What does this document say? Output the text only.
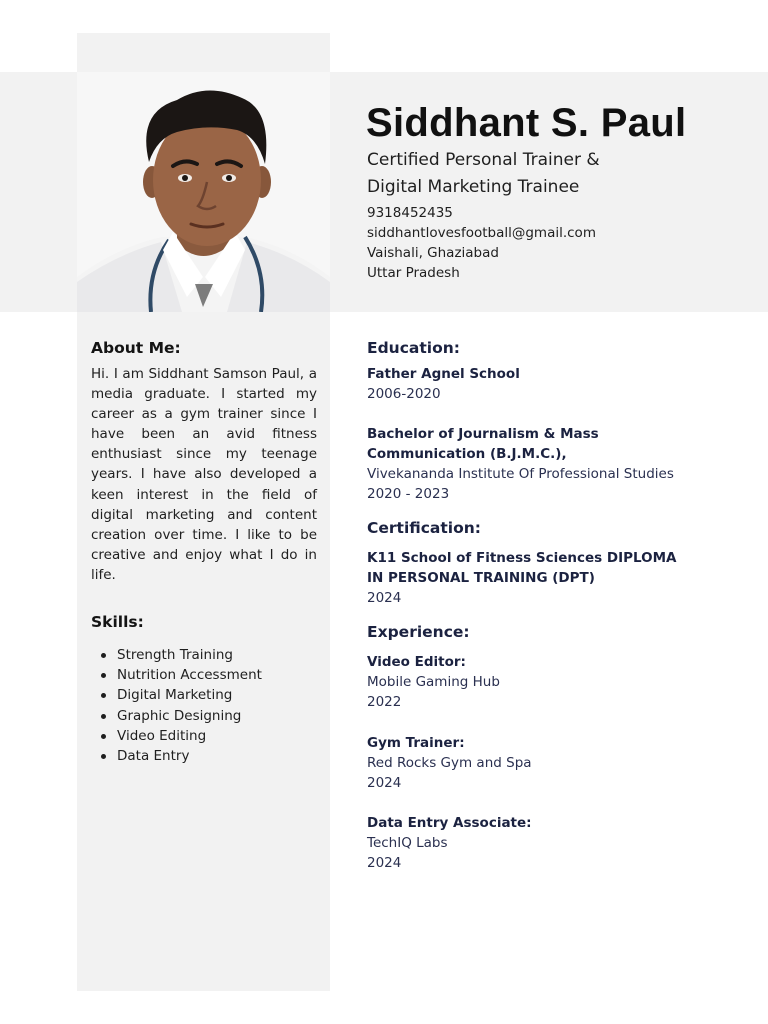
Siddhant S. Paul
Certified Personal Trainer &
Digital Marketing Trainee
9318452435
siddhantlovesfootball@gmail.com
Vaishali, Ghaziabad
Uttar Pradesh
About Me:
Hi. I am Siddhant Samson Paul, a media graduate. I started my career as a gym trainer since I have been an avid fitness enthusiast since my teenage years. I have also developed a keen interest in the field of digital marketing and content creation over time. I like to be creative and enjoy what I do in life.
Skills:
Strength Training
Nutrition Accessment
Digital Marketing
Graphic Designing
Video Editing
Data Entry
Education:
Father Agnel School
2006-2020
Bachelor of Journalism & Mass Communication (B.J.M.C.),
Vivekananda Institute Of Professional Studies
2020 - 2023
Certification:
K11 School of Fitness Sciences DIPLOMA IN PERSONAL TRAINING (DPT)
2024
Experience:
Video Editor:
Mobile Gaming Hub
2022
Gym Trainer:
Red Rocks Gym and Spa
2024
Data Entry Associate:
TechIQ Labs
2024
